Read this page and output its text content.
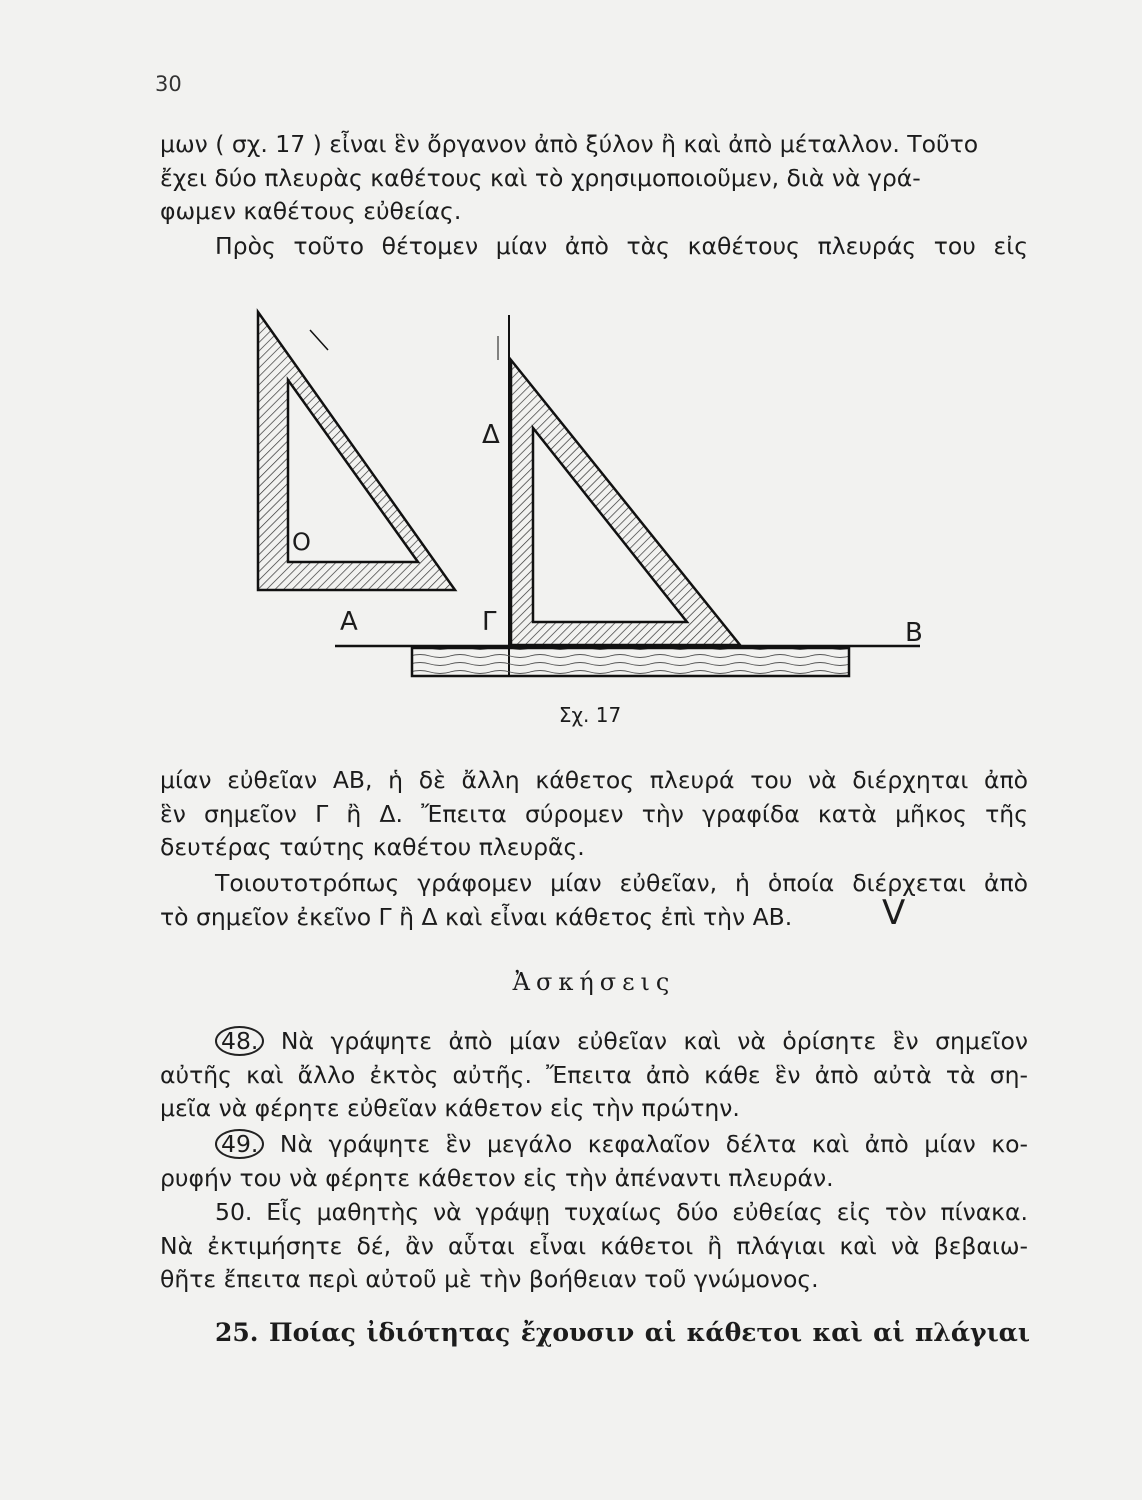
30

μων ( σχ. 17 ) εἶναι ἓν ὄργανον ἀπὸ ξύλον ἢ καὶ ἀπὸ μέταλλον. Τοῦτο
ἔχει δύο πλευρὰς καθέτους καὶ τὸ χρησιμοποιοῦμεν, διὰ νὰ γρά-
φωμεν καθέτους εὐθείας.

Πρὸς τοῦτο θέτομεν μίαν ἀπὸ τὰς καθέτους πλευράς του εἰς

Ο
Α	Γ
Δ
Β
Σχ. 17

μίαν εὐθεῖαν ΑΒ, ἡ δὲ ἄλλη κάθετος πλευρά του νὰ διέρχηται ἀπὸ
ἓν σημεῖον Γ ἢ Δ. Ἔπειτα σύρομεν τὴν γραφίδα κατὰ μῆκος τῆς
δευτέρας ταύτης καθέτου πλευρᾶς.

Τοιουτοτρόπως γράφομεν μίαν εὐθεῖαν, ἡ ὁποία διέρχεται ἀπὸ
τὸ σημεῖον ἐκεῖνο Γ ἢ Δ καὶ εἶναι κάθετος ἐπὶ τὴν ΑΒ.	V
Ἀσκήσεις
48. Νὰ γράψητε ἀπὸ μίαν εὐθεῖαν καὶ νὰ ὁρίσητε ἓν σημεῖον
αὐτῆς καὶ ἄλλο ἐκτὸς αὐτῆς. Ἔπειτα ἀπὸ κάθε ἓν ἀπὸ αὐτὰ τὰ ση-
μεῖα νὰ φέρητε εὐθεῖαν κάθετον εἰς τὴν πρώτην.
49. Νὰ γράψητε ἓν μεγάλο κεφαλαῖον δέλτα καὶ ἀπὸ μίαν κο-
ρυφήν του νὰ φέρητε κάθετον εἰς τὴν ἀπέναντι πλευράν.
50. Εἷς μαθητὴς νὰ γράψῃ τυχαίως δύο εὐθείας εἰς τὸν πίνακα.
Νὰ ἐκτιμήσητε δέ, ἂν αὗται εἶναι κάθετοι ἢ πλάγιαι καὶ νὰ βεβαιω-
θῆτε ἔπειτα περὶ αὐτοῦ μὲ τὴν βοήθειαν τοῦ γνώμονος.
25. Ποίας ἰδιότητας ἔχουσιν αἱ κάθετοι καὶ αἱ πλάγιαι
